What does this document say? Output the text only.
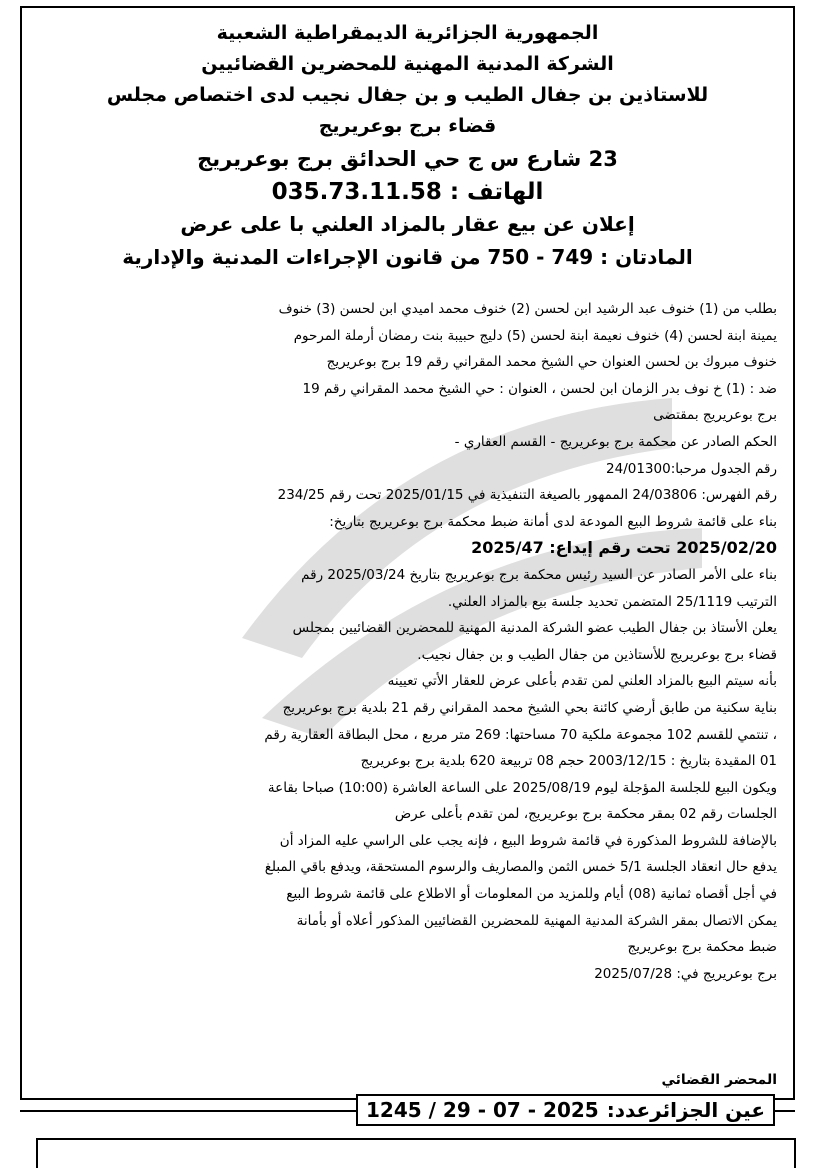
الجمهورية الجزائرية الديمقراطية الشعبية
الشركة المدنية المهنية للمحضرين القضائيين
للاستاذين بن جفال الطيب و بن جفال نجيب لدى اختصاص مجلس
قضاء برج بوعريريج
23 شارع س ج حي الحدائق برج بوعريريج
الهاتف : 035.73.11.58
إعلان عن بيع عقار بالمزاد العلني با على عرض
المادتان : 749 - 750 من قانون الإجراءات المدنية والإدارية
بطلب من (1) خنوف عبد الرشيد ابن لحسن (2) خنوف محمد اميدي ابن لحسن (3) خنوف
يمينة ابنة لحسن (4) خنوف نعيمة ابنة لحسن (5) دليج حبيبة بنت رمضان أرملة المرحوم
خنوف مبروك بن لحسن العنوان حي الشيخ محمد المقراني رقم 19 برج بوعريريج
ضد : (1) خ نوف بدر الزمان ابن لحسن ، العنوان : حي الشيخ محمد المقراني رقم 19
برج بوعريريج بمقتضى
الحكم الصادر عن محكمة برج بوعريريج - القسم العقاري -
رقم الجدول مرحبا:24/01300
رقم الفهرس: 24/03806 الممهور بالصيغة التنفيذية في 2025/01/15 تحت رقم 234/25
بناء على قائمة شروط البيع المودعة لدى أمانة ضبط محكمة برج بوعريريج بتاريخ:
2025/02/20 تحت رقم إيداع: 2025/47
بناء على الأمر الصادر عن السيد رئيس محكمة برج بوعريريج بتاريخ 2025/03/24 رقم
الترتيب 25/1119 المتضمن تحديد جلسة بيع بالمزاد العلني.
يعلن الأستاذ بن جفال الطيب عضو الشركة المدنية المهنية للمحضرين القضائيين بمجلس
قضاء برج بوعريريج للأستاذين من جفال الطيب و بن جفال نجيب.
بأنه سيتم البيع بالمزاد العلني لمن تقدم بأعلى عرض للعقار الأتي تعيينه
بناية سكنية من طابق أرضي كائنة بحي الشيخ محمد المقراني رقم 21 بلدية برج بوعريريج
، تنتمي للقسم 102 مجموعة ملكية 70 مساحتها: 269 متر مربع ، محل البطاقة العقارية رقم
01 المقيدة بتاريخ : 2003/12/15 حجم 08 تربيعة 620 بلدية برج بوعريريج
ويكون البيع للجلسة المؤجلة ليوم 2025/08/19 على الساعة العاشرة (10:00) صباحا بقاعة
الجلسات رقم 02 بمقر محكمة برج بوعريريج، لمن تقدم بأعلى عرض
بالإضافة للشروط المذكورة في قائمة شروط البيع ، فإنه يجب على الراسي عليه المزاد أن
يدفع حال انعقاد الجلسة 5/1 خمس الثمن والمصاريف والرسوم المستحقة، ويدفع باقي المبلغ
في أجل أقصاه ثمانية (08) أيام وللمزيد من المعلومات أو الاطلاع على قائمة شروط البيع
يمكن الاتصال بمقر الشركة المدنية المهنية للمحضرين القضائيين المذكور أعلاه أو بأمانة
ضبط محكمة برج بوعريريج
برج بوعريريج في: 2025/07/28
المحضر القضائي
عين الجزائرعدد:
1245 / 29 - 07 - 2025
